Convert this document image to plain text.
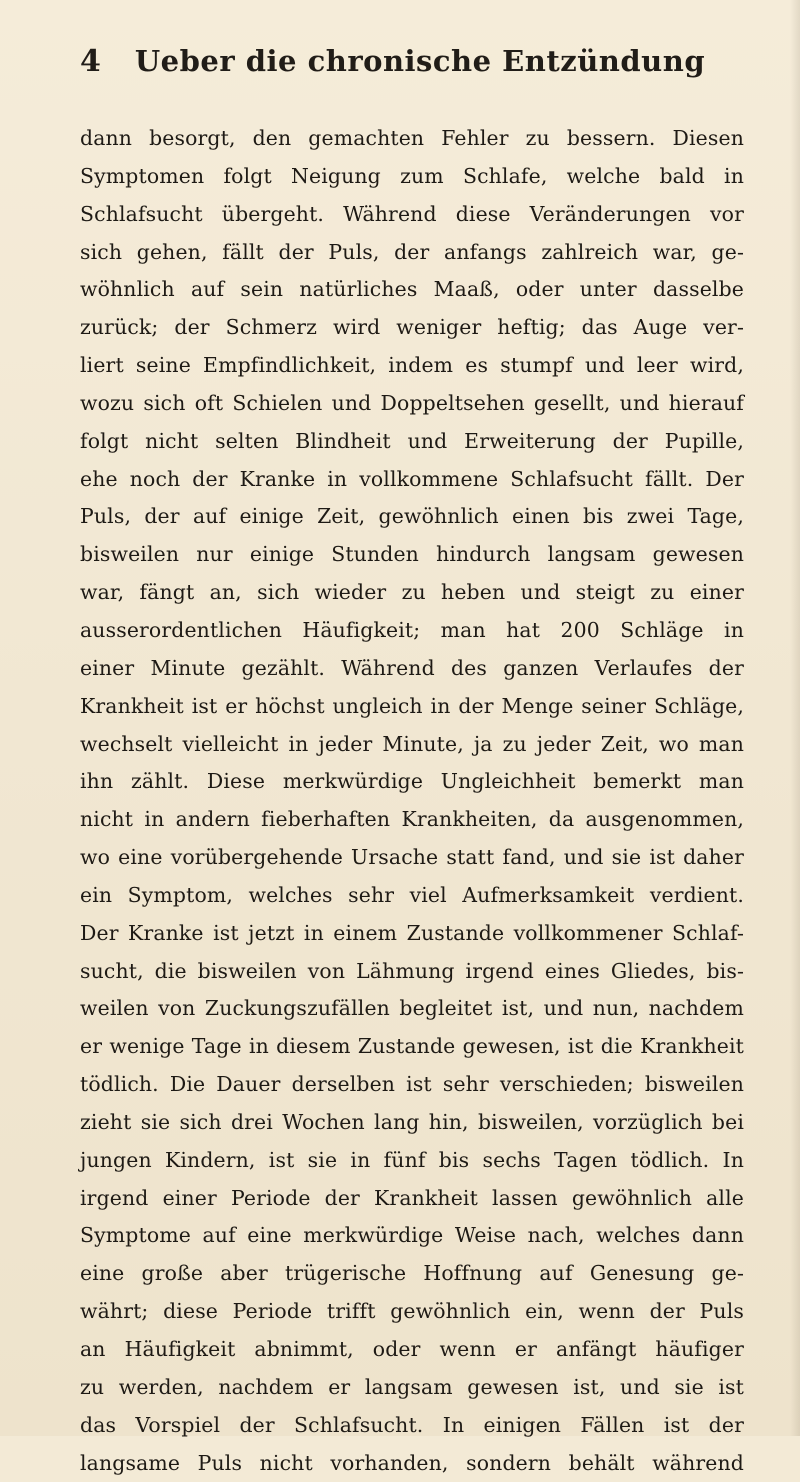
4	Ueber die chronische Entzündung
dann besorgt, den gemachten Fehler zu bessern. Diesen
Symptomen folgt Neigung zum Schlafe, welche bald in
Schlafsucht übergeht. Während diese Veränderungen vor
sich gehen, fällt der Puls, der anfangs zahlreich war, ge-
wöhnlich auf sein natürliches Maaß, oder unter dasselbe
zurück; der Schmerz wird weniger heftig; das Auge ver-
liert seine Empfindlichkeit, indem es stumpf und leer wird,
wozu sich oft Schielen und Doppeltsehen gesellt, und hierauf
folgt nicht selten Blindheit und Erweiterung der Pupille,
ehe noch der Kranke in vollkommene Schlafsucht fällt. Der
Puls, der auf einige Zeit, gewöhnlich einen bis zwei Tage,
bisweilen nur einige Stunden hindurch langsam gewesen
war, fängt an, sich wieder zu heben und steigt zu einer
ausserordentlichen Häufigkeit; man hat 200 Schläge in
einer Minute gezählt. Während des ganzen Verlaufes der
Krankheit ist er höchst ungleich in der Menge seiner Schläge,
wechselt vielleicht in jeder Minute, ja zu jeder Zeit, wo man
ihn zählt. Diese merkwürdige Ungleichheit bemerkt man
nicht in andern fieberhaften Krankheiten, da ausgenommen,
wo eine vorübergehende Ursache statt fand, und sie ist daher
ein Symptom, welches sehr viel Aufmerksamkeit verdient.
Der Kranke ist jetzt in einem Zustande vollkommener Schlaf-
sucht, die bisweilen von Lähmung irgend eines Gliedes, bis-
weilen von Zuckungszufällen begleitet ist, und nun, nachdem
er wenige Tage in diesem Zustande gewesen, ist die Krankheit
tödlich. Die Dauer derselben ist sehr verschieden; bisweilen
zieht sie sich drei Wochen lang hin, bisweilen, vorzüglich bei
jungen Kindern, ist sie in fünf bis sechs Tagen tödlich. In
irgend einer Periode der Krankheit lassen gewöhnlich alle
Symptome auf eine merkwürdige Weise nach, welches dann
eine große aber trügerische Hoffnung auf Genesung ge-
währt; diese Periode trifft gewöhnlich ein, wenn der Puls
an Häufigkeit abnimmt, oder wenn er anfängt häufiger
zu werden, nachdem er langsam gewesen ist, und sie ist
das Vorspiel der Schlafsucht. In einigen Fällen ist der
langsame Puls nicht vorhanden, sondern behält während
